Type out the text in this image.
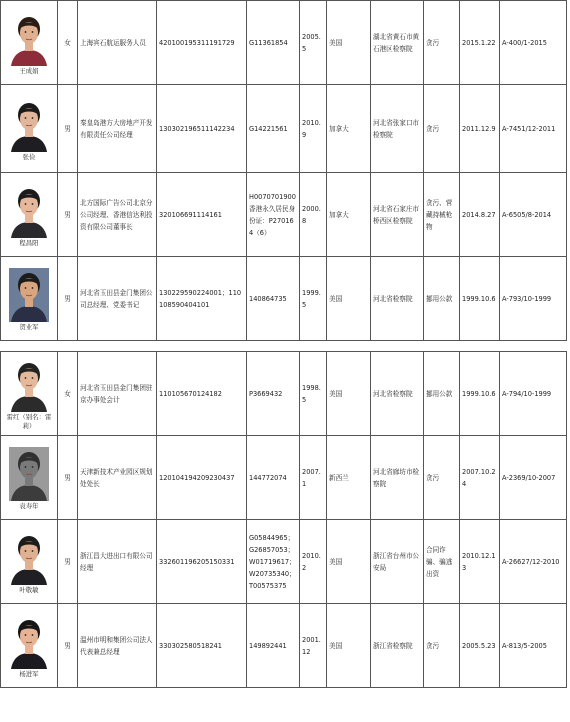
王成娟	女	上海宾石航运服务人员	420100195311191729	G11361854	2005.5	美国	湖北省黄石市黄石港区检察院	贪污	2015.1.22	A-400/1-2015

张俭	男	秦皇岛港方大房地产开发有限责任公司经理	130302196511142234	G14221561	2010.9	加拿大	河北省张家口市检察院	贪污	2011.12.9	A-7451/12-2011

程昌阳	男	北方国际广告公司北京分公司经理、香港信达利投资有限公司董事长	320106691114161	H0070701900 香港永久居民身份证：P270164（6）	2000.8	加拿大	河北省石家庄市桥西区检察院	贪污、营藏持械枪物	2014.8.27	A-6505/8-2014

贺业军	男	河北省玉田县金门集团公司总经理、党委书记	130229590224001；110108590404101	140864735	1999.5	美国	河北省检察院	挪用公款	1999.10.6	A-793/10-1999

雷红（别名：雷莉）	女	河北省玉田县金门集团驻京办事处会计	110105670124182	P3669432	1998.5	美国	河北省检察院	挪用公款	1999.10.6	A-794/10-1999

袁寿年	男	天津新技术产业园区规划处处长	120104194209230437	144772074	2007.1	新西兰	河北省廊坊市检察院	贪污	2007.10.24	A-2369/10-2007

叶敬敏	男	浙江昌大进出口有限公司经理	332601196205150331	G05844965；G26857053；W01719617；W20735340；T00575375	2010.2	美国	浙江省台州市公安局	合同诈骗、骗逃出资	2010.12.13	A-26627/12-2010

杨进军	男	温州市明和集团公司法人代表兼总经理	330302580518241	149892441	2001.12	美国	浙江省检察院	贪污	2005.5.23	A-813/5-2005
